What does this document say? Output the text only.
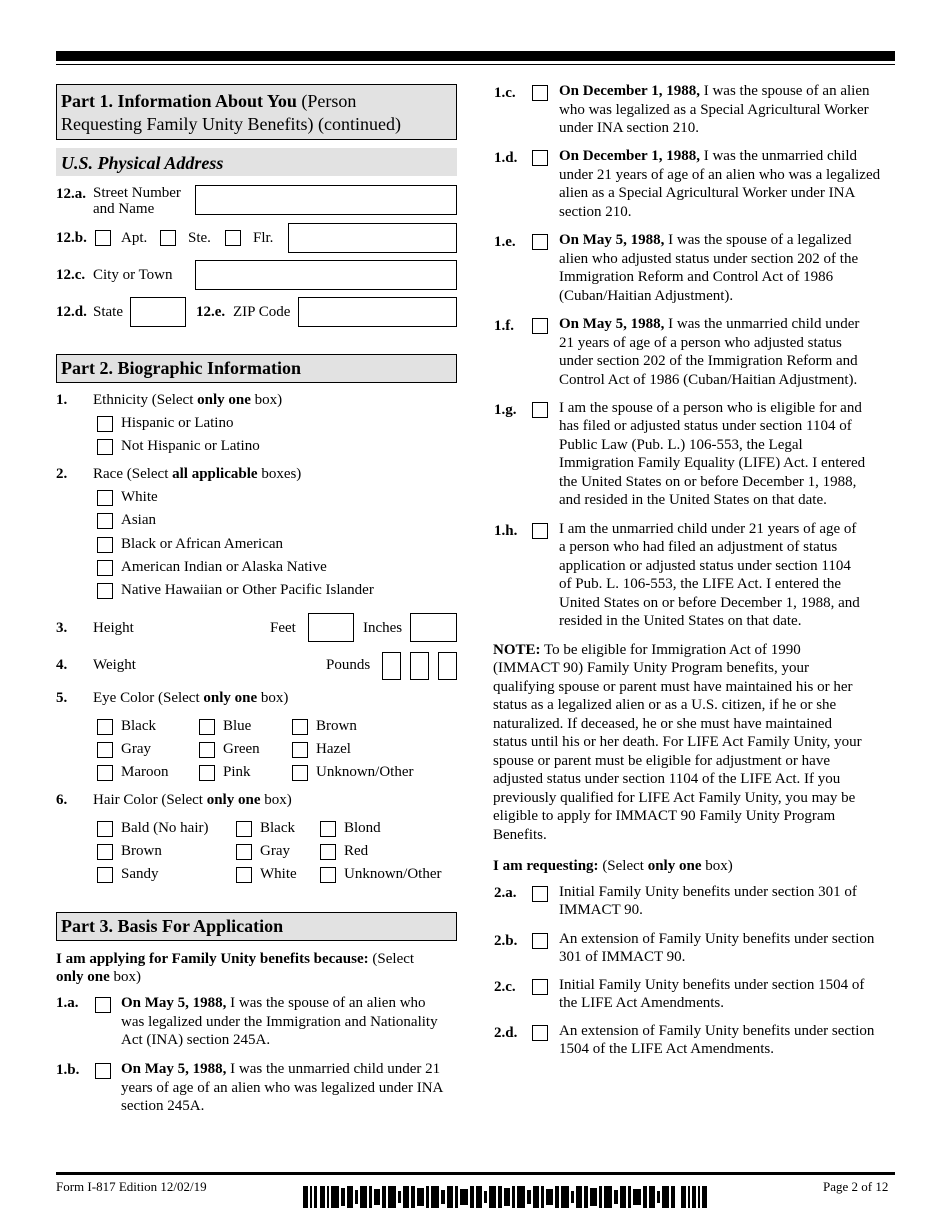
Part 1. Information About You (Person
Requesting Family Unity Benefits) (continued)
U.S. Physical Address
12.a. Street Number
and Name
12.b. Apt.	Ste.	Flr.
12.c. City or Town
12.d. State	12.e. ZIP Code
Part 2. Biographic Information
1. Ethnicity (Select only one box)
Hispanic or Latino
Not Hispanic or Latino
2. Race (Select all applicable boxes)
White
Asian
Black or African American
American Indian or Alaska Native
Native Hawaiian or Other Pacific Islander
3. Height	Feet	Inches
4. Weight	Pounds
5. Eye Color (Select only one box)
Black	Blue	Brown
Gray	Green	Hazel
Maroon	Pink	Unknown/Other
6. Hair Color (Select only one box)
Bald (No hair)	Black	Blond
Brown	Gray	Red
Sandy	White	Unknown/Other
Part 3. Basis For Application
I am applying for Family Unity benefits because: (Select
only one box)
1.a.	On May 5, 1988, I was the spouse of an alien who
was legalized under the Immigration and Nationality
Act (INA) section 245A.
1.b.	On May 5, 1988, I was the unmarried child under 21
years of age of an alien who was legalized under INA
section 245A.
1.c.	On December 1, 1988, I was the spouse of an alien
who was legalized as a Special Agricultural Worker
under INA section 210.
1.d.	On December 1, 1988, I was the unmarried child
under 21 years of age of an alien who was a legalized
alien as a Special Agricultural Worker under INA
section 210.
1.e.	On May 5, 1988, I was the spouse of a legalized
alien who adjusted status under section 202 of the
Immigration Reform and Control Act of 1986
(Cuban/Haitian Adjustment).
1.f.	On May 5, 1988, I was the unmarried child under
21 years of age of a person who adjusted status
under section 202 of the Immigration Reform and
Control Act of 1986 (Cuban/Haitian Adjustment).
1.g.	I am the spouse of a person who is eligible for and
has filed or adjusted status under section 1104 of
Public Law (Pub. L.) 106-553, the Legal
Immigration Family Equality (LIFE) Act. I entered
the United States on or before December 1, 1988,
and resided in the United States on that date.
1.h.	I am the unmarried child under 21 years of age of
a person who had filed an adjustment of status
application or adjusted status under section 1104
of Pub. L. 106-553, the LIFE Act. I entered the
United States on or before December 1, 1988, and
resided in the United States on that date.
NOTE: To be eligible for Immigration Act of 1990
(IMMACT 90) Family Unity Program benefits, your
qualifying spouse or parent must have maintained his or her
status as a legalized alien or as a U.S. citizen, if he or she
naturalized. If deceased, he or she must have maintained
status until his or her death. For LIFE Act Family Unity, your
spouse or parent must be eligible for adjustment or have
adjusted status under section 1104 of the LIFE Act. If you
previously qualified for LIFE Act Family Unity, you may be
eligible to apply for IMMACT 90 Family Unity Program
Benefits.
I am requesting: (Select only one box)
2.a.	Initial Family Unity benefits under section 301 of
IMMACT 90.
2.b.	An extension of Family Unity benefits under section
301 of IMMACT 90.
2.c.	Initial Family Unity benefits under section 1504 of
the LIFE Act Amendments.
2.d.	An extension of Family Unity benefits under section
1504 of the LIFE Act Amendments.
Form I-817 Edition 12/02/19	Page 2 of 12
